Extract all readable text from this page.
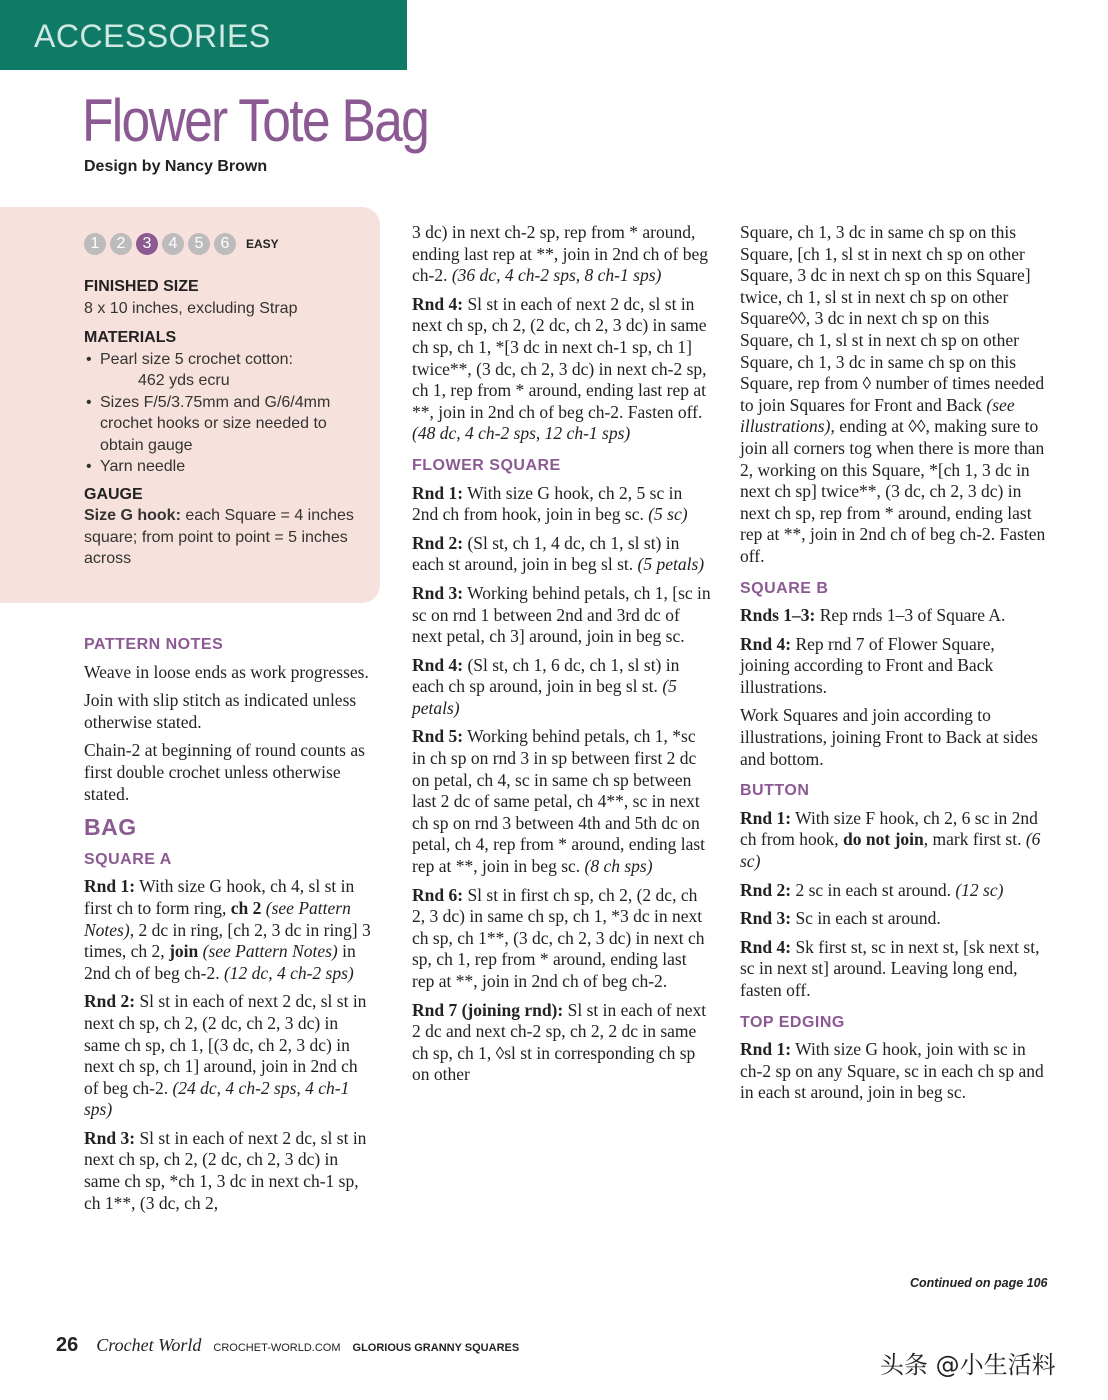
ACCESSORIES
Flower Tote Bag
Design by Nancy Brown
1	2	3	4	5	6	EASY
FINISHED SIZE

8 x 10 inches, excluding Strap

MATERIALS
• Pearl size 5 crochet cotton:
462 yds ecru
• Sizes F/5/3.75mm and G/6/4mm crochet hooks or size needed to obtain gauge
• Yarn needle
GAUGE

Size G hook: each Square = 4 inches square; from point to point = 5 inches across

PATTERN NOTES

Weave in loose ends as work progresses.

Join with slip stitch as indicated unless otherwise stated.

Chain-2 at beginning of round counts as first double crochet unless otherwise stated.

BAG
SQUARE A

Rnd 1: With size G hook, ch 4, sl st in first ch to form ring, ch 2 (see Pattern Notes), 2 dc in ring, [ch 2, 3 dc in ring] 3 times, ch 2, join (see Pattern Notes) in 2nd ch of beg ch-2. (12 dc, 4 ch-2 sps)

Rnd 2: Sl st in each of next 2 dc, sl st in next ch sp, ch 2, (2 dc, ch 2, 3 dc) in same ch sp, ch 1, [(3 dc, ch 2, 3 dc) in next ch sp, ch 1] around, join in 2nd ch of beg ch-2. (24 dc, 4 ch-2 sps, 4 ch-1 sps)

Rnd 3: Sl st in each of next 2 dc, sl st in next ch sp, ch 2, (2 dc, ch 2, 3 dc) in same ch sp, *ch 1, 3 dc in next ch-1 sp, ch 1**, (3 dc, ch 2,

3 dc) in next ch-2 sp, rep from * around, ending last rep at **, join in 2nd ch of beg ch-2. (36 dc, 4 ch-2 sps, 8 ch-1 sps)

Rnd 4: Sl st in each of next 2 dc, sl st in next ch sp, ch 2, (2 dc, ch 2, 3 dc) in same ch sp, ch 1, *[3 dc in next ch-1 sp, ch 1] twice**, (3 dc, ch 2, 3 dc) in next ch-2 sp, ch 1, rep from * around, ending last rep at **, join in 2nd ch of beg ch-2. Fasten off. (48 dc, 4 ch-2 sps, 12 ch-1 sps)

FLOWER SQUARE

Rnd 1: With size G hook, ch 2, 5 sc in 2nd ch from hook, join in beg sc. (5 sc)

Rnd 2: (Sl st, ch 1, 4 dc, ch 1, sl st) in each st around, join in beg sl st. (5 petals)

Rnd 3: Working behind petals, ch 1, [sc in sc on rnd 1 between 2nd and 3rd dc of next petal, ch 3] around, join in beg sc.

Rnd 4: (Sl st, ch 1, 6 dc, ch 1, sl st) in each ch sp around, join in beg sl st. (5 petals)

Rnd 5: Working behind petals, ch 1, *sc in ch sp on rnd 3 in sp between first 2 dc on petal, ch 4, sc in same ch sp between last 2 dc of same petal, ch 4**, sc in next ch sp on rnd 3 between 4th and 5th dc on petal, ch 4, rep from * around, ending last rep at **, join in beg sc. (8 ch sps)

Rnd 6: Sl st in first ch sp, ch 2, (2 dc, ch 2, 3 dc) in same ch sp, ch 1, *3 dc in next ch sp, ch 1**, (3 dc, ch 2, 3 dc) in next ch sp, ch 1, rep from * around, ending last rep at **, join in 2nd ch of beg ch-2.

Rnd 7 (joining rnd): Sl st in each of next 2 dc and next ch-2 sp, ch 2, 2 dc in same ch sp, ch 1, ◊sl st in corresponding ch sp on other

Square, ch 1, 3 dc in same ch sp on this Square, [ch 1, sl st in next ch sp on other Square, 3 dc in next ch sp on this Square] twice, ch 1, sl st in next ch sp on other Square◊◊, 3 dc in next ch sp on this Square, ch 1, sl st in next ch sp on other Square, ch 1, 3 dc in same ch sp on this Square, rep from ◊ number of times needed to join Squares for Front and Back (see illustrations), ending at ◊◊, making sure to join all corners tog when there is more than 2, working on this Square, *[ch 1, 3 dc in next ch sp] twice**, (3 dc, ch 2, 3 dc) in next ch sp, rep from * around, ending last rep at **, join in 2nd ch of beg ch-2. Fasten off.

SQUARE B

Rnds 1–3: Rep rnds 1–3 of Square A.

Rnd 4: Rep rnd 7 of Flower Square, joining according to Front and Back illustrations.

Work Squares and join according to illustrations, joining Front to Back at sides and bottom.

BUTTON

Rnd 1: With size F hook, ch 2, 6 sc in 2nd ch from hook, do not join, mark first st. (6 sc)

Rnd 2: 2 sc in each st around. (12 sc)

Rnd 3: Sc in each st around.

Rnd 4: Sk first st, sc in next st, [sk next st, sc in next st] around. Leaving long end, fasten off.

TOP EDGING

Rnd 1: With size G hook, join with sc in ch-2 sp on any Square, sc in each ch sp and in each st around, join in beg sc.

Continued on page 106
26 Crochet World CROCHET-WORLD.COM GLORIOUS GRANNY SQUARES
头条 @小生活料
